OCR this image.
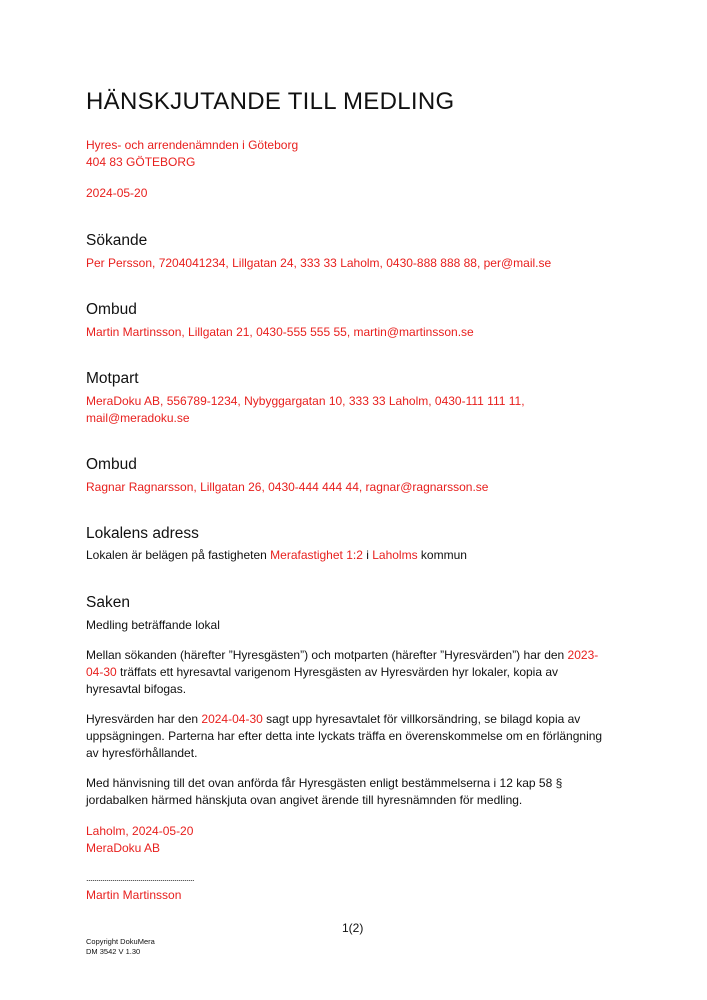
HÄNSKJUTANDE TILL MEDLING
Hyres- och arrendenämnden i Göteborg
404 83 GÖTEBORG
2024-05-20
Sökande
Per Persson, 7204041234, Lillgatan 24, 333 33 Laholm, 0430-888 888 88, per@mail.se
Ombud
Martin Martinsson, Lillgatan 21, 0430-555 555 55, martin@martinsson.se
Motpart
MeraDoku AB, 556789-1234, Nybyggargatan 10, 333 33 Laholm, 0430-111 111 11,
mail@meradoku.se
Ombud
Ragnar Ragnarsson, Lillgatan 26, 0430-444 444 44, ragnar@ragnarsson.se
Lokalens adress
Lokalen är belägen på fastigheten Merafastighet 1:2 i Laholms kommun
Saken
Medling beträffande lokal
Mellan sökanden (härefter ”Hyresgästen”) och motparten (härefter ”Hyresvärden”) har den 2023-
04-30 träffats ett hyresavtal varigenom Hyresgästen av Hyresvärden hyr lokaler, kopia av
hyresavtal bifogas.
Hyresvärden har den 2024-04-30 sagt upp hyresavtalet för villkorsändring, se bilagd kopia av
uppsägningen. Parterna har efter detta inte lyckats träffa en överenskommelse om en förlängning
av hyresförhållandet.
Med hänvisning till det ovan anförda får Hyresgästen enligt bestämmelserna i 12 kap 58 §
jordabalken härmed hänskjuta ovan angivet ärende till hyresnämnden för medling.
Laholm, 2024-05-20
MeraDoku AB
......................................................
Martin Martinsson
1(2)
Copyright DokuMera
DM 3542 V 1.30
